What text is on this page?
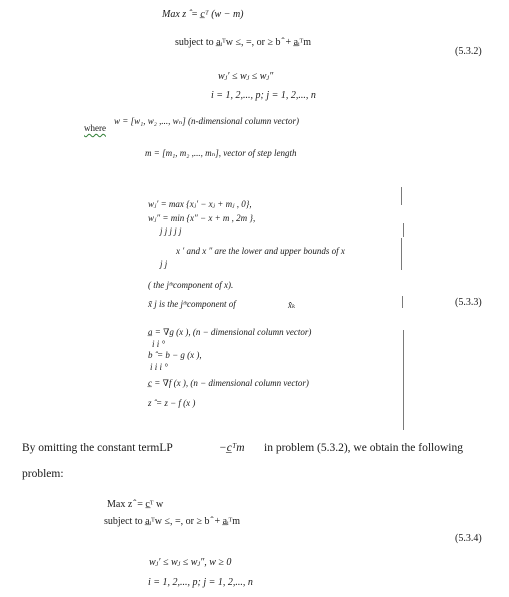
Max z ̂ = c̲ᵀ (w − m)
subject to a̲ᵢᵀw ≤, =, or ≥ b ̂ + a̲ᵢᵀm
wⱼ′ ≤ wⱼ ≤ wⱼ″
i = 1, 2,..., p; j = 1, 2,..., n
(5.3.2)
where
w = [w₁, w₂ ,..., wₙ] (n-dimensional column vector)
m = [m₁, m₂ ,..., mₙ], vector of step length
wⱼ′ = max {xⱼ′ − xⱼ + mⱼ , 0},
wⱼ″ = min {x″ − x + m , 2m },
j j j j j
x ′ and x ″ are the lower and upper bounds of x
j j
( the jᵗʰcomponent of x).
x̃ j is the jᵗʰcomponent of	x̂ₖ
a̲ = ∇g (x ), (n − dimensional column vector)
i i °
b ̂ = b − g (x ),
i i i °
c̲ = ∇f (x ), (n − dimensional column vector)
z ̂ = z − f (x )
(5.3.3)
By omitting the constant termLP	−c̲ᵀm in problem (5.3.2), we obtain the following
problem:
Max z ̂ = c̲ᵀ w
subject to a̲ᵢᵀw ≤, =, or ≥ b ̂ + a̲ᵢᵀm
wⱼ′ ≤ wⱼ ≤ wⱼ″, w ≥ 0
i = 1, 2,..., p; j = 1, 2,..., n
(5.3.4)
